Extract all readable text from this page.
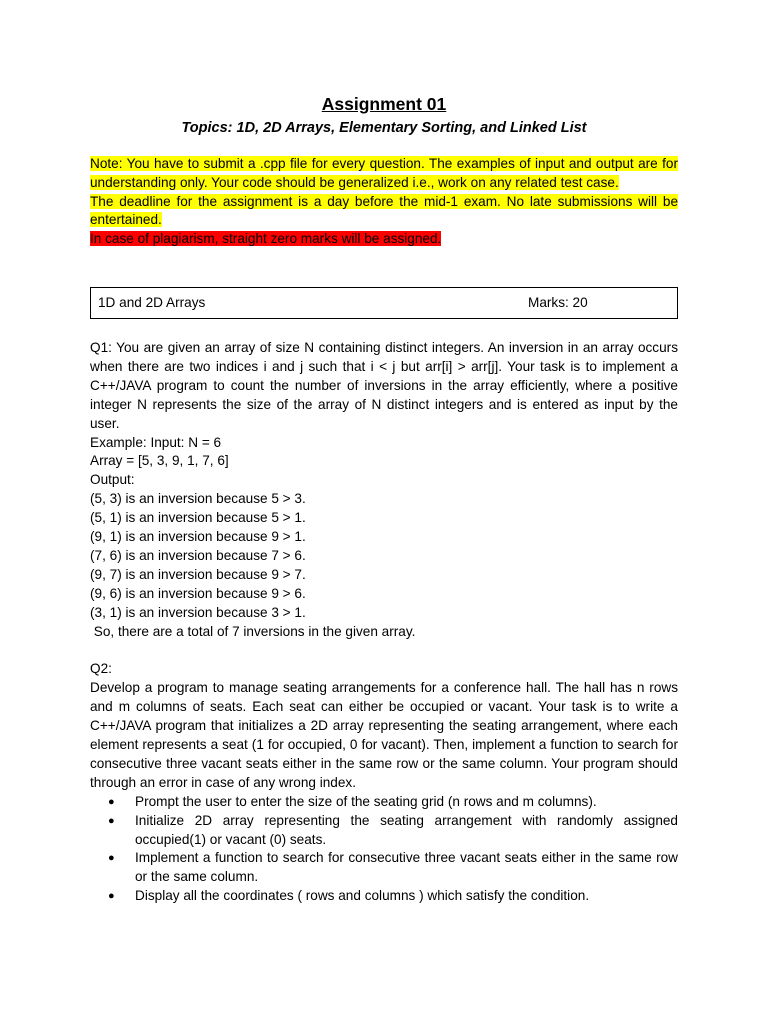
Assignment 01
Topics: 1D, 2D Arrays, Elementary Sorting, and Linked List

Note: You have to submit a .cpp file for every question. The examples of input and output are for understanding only. Your code should be generalized i.e., work on any related test case.

The deadline for the assignment is a day before the mid-1 exam. No late submissions will be entertained.

In case of plagiarism, straight zero marks will be assigned.

1D and 2D Arrays	Marks: 20

Q1: You are given an array of size N containing distinct integers. An inversion in an array occurs when there are two indices i and j such that i < j but arr[i] > arr[j]. Your task is to implement a C++/JAVA program to count the number of inversions in the array efficiently, where a positive integer N represents the size of the array of N distinct integers and is entered as input by the user.

Example: Input: N = 6

Array = [5, 3, 9, 1, 7, 6]

Output:

(5, 3) is an inversion because 5 > 3.

(5, 1) is an inversion because 5 > 1.

(9, 1) is an inversion because 9 > 1.

(7, 6) is an inversion because 7 > 6.

(9, 7) is an inversion because 9 > 7.

(9, 6) is an inversion because 9 > 6.

(3, 1) is an inversion because 3 > 1.

So, there are a total of 7 inversions in the given array.

Q2:

Develop a program to manage seating arrangements for a conference hall. The hall has n rows and m columns of seats. Each seat can either be occupied or vacant. Your task is to write a C++/JAVA program that initializes a 2D array representing the seating arrangement, where each element represents a seat (1 for occupied, 0 for vacant). Then, implement a function to search for consecutive three vacant seats either in the same row or the same column. Your program should through an error in case of any wrong index.

● Prompt the user to enter the size of the seating grid (n rows and m columns).
● Initialize 2D array representing the seating arrangement with randomly assigned occupied(1) or vacant (0) seats.
● Implement a function to search for consecutive three vacant seats either in the same row or the same column.
● Display all the coordinates ( rows and columns ) which satisfy the condition.
